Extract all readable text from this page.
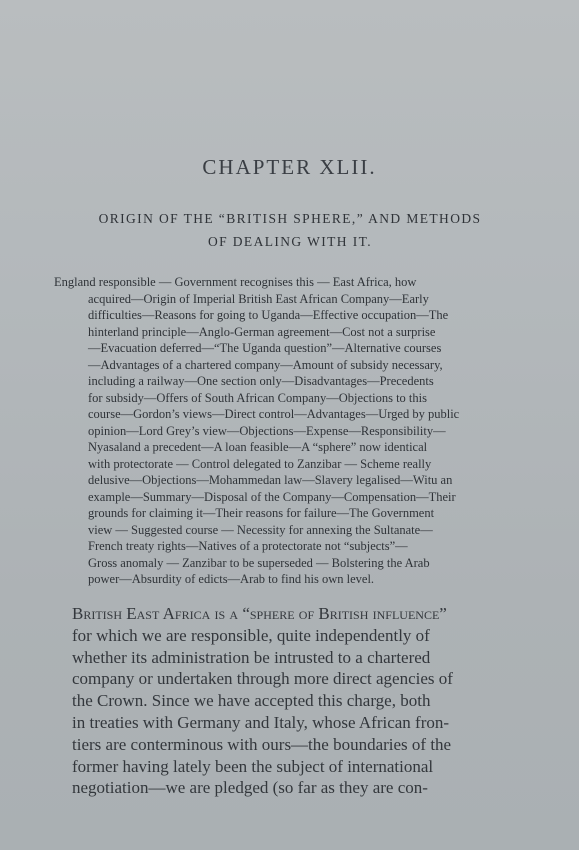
CHAPTER XLII.
ORIGIN OF THE “BRITISH SPHERE,” AND METHODS
OF DEALING WITH IT.
England responsible — Government recognises this — East Africa, how
acquired—Origin of Imperial British East African Company—Early
difficulties—Reasons for going to Uganda—Effective occupation—The
hinterland principle—Anglo-German agreement—Cost not a surprise
—Evacuation deferred—“The Uganda question”—Alternative courses
—Advantages of a chartered company—Amount of subsidy necessary,
including a railway—One section only—Disadvantages—Precedents
for subsidy—Offers of South African Company—Objections to this
course—Gordon’s views—Direct control—Advantages—Urged by public
opinion—Lord Grey’s view—Objections—Expense—Responsibility—
Nyasaland a precedent—A loan feasible—A “sphere” now identical
with protectorate — Control delegated to Zanzibar — Scheme really
delusive—Objections—Mohammedan law—Slavery legalised—Witu an
example—Summary—Disposal of the Company—Compensation—Their
grounds for claiming it—Their reasons for failure—The Government
view — Suggested course — Necessity for annexing the Sultanate—
French treaty rights—Natives of a protectorate not “subjects”—
Gross anomaly — Zanzibar to be superseded — Bolstering the Arab
power—Absurdity of edicts—Arab to find his own level.
British East Africa is a “sphere of British influence”
for which we are responsible, quite independently of
whether its administration be intrusted to a chartered
company or undertaken through more direct agencies of
the Crown. Since we have accepted this charge, both
in treaties with Germany and Italy, whose African fron-
tiers are conterminous with ours—the boundaries of the
former having lately been the subject of international
negotiation—we are pledged (so far as they are con-
